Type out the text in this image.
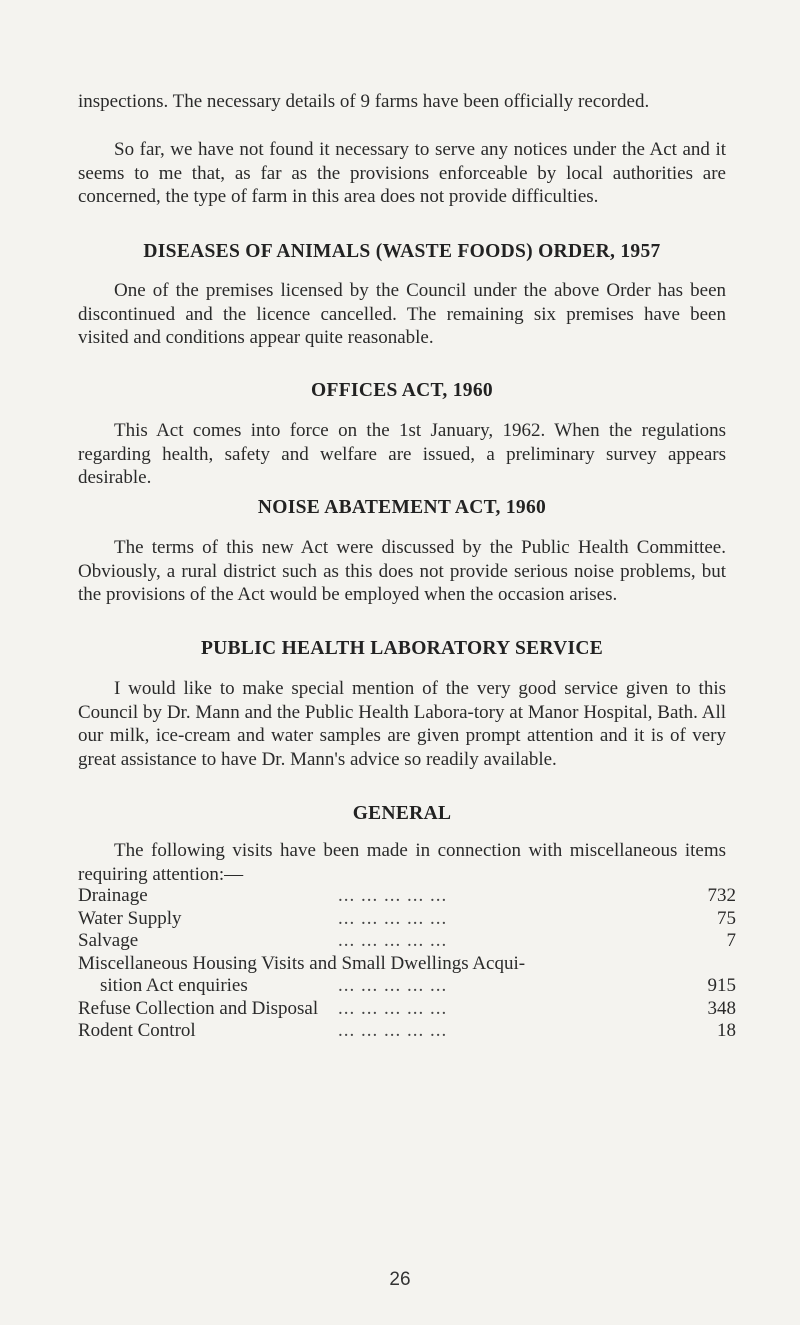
inspections. The necessary details of 9 farms have been officially recorded.

So far, we have not found it necessary to serve any notices under the Act and it seems to me that, as far as the provisions enforceable by local authorities are concerned, the type of farm in this area does not provide difficulties.

DISEASES OF ANIMALS (WASTE FOODS) ORDER, 1957

One of the premises licensed by the Council under the above Order has been discontinued and the licence cancelled. The remaining six premises have been visited and conditions appear quite reasonable.

OFFICES ACT, 1960

This Act comes into force on the 1st January, 1962. When the regulations regarding health, safety and welfare are issued, a preliminary survey appears desirable.

NOISE ABATEMENT ACT, 1960

The terms of this new Act were discussed by the Public Health Committee. Obviously, a rural district such as this does not provide serious noise problems, but the provisions of the Act would be employed when the occasion arises.

PUBLIC HEALTH LABORATORY SERVICE

I would like to make special mention of the very good service given to this Council by Dr. Mann and the Public Health Labora-tory at Manor Hospital, Bath. All our milk, ice-cream and water samples are given prompt attention and it is of very great assistance to have Dr. Mann's advice so readily available.

GENERAL

The following visits have been made in connection with miscellaneous items requiring attention:—

Drainage	... ... ... ... ...	732
Water Supply	... ... ... ... ...	75
Salvage	... ... ... ... ...	7
Miscellaneous Housing Visits and Small Dwellings Acqui-
sition Act enquiries	... ... ... ... ...	915
Refuse Collection and Disposal ... ... ... ... ...	348
Rodent Control	... ... ... ... ...	18
26
